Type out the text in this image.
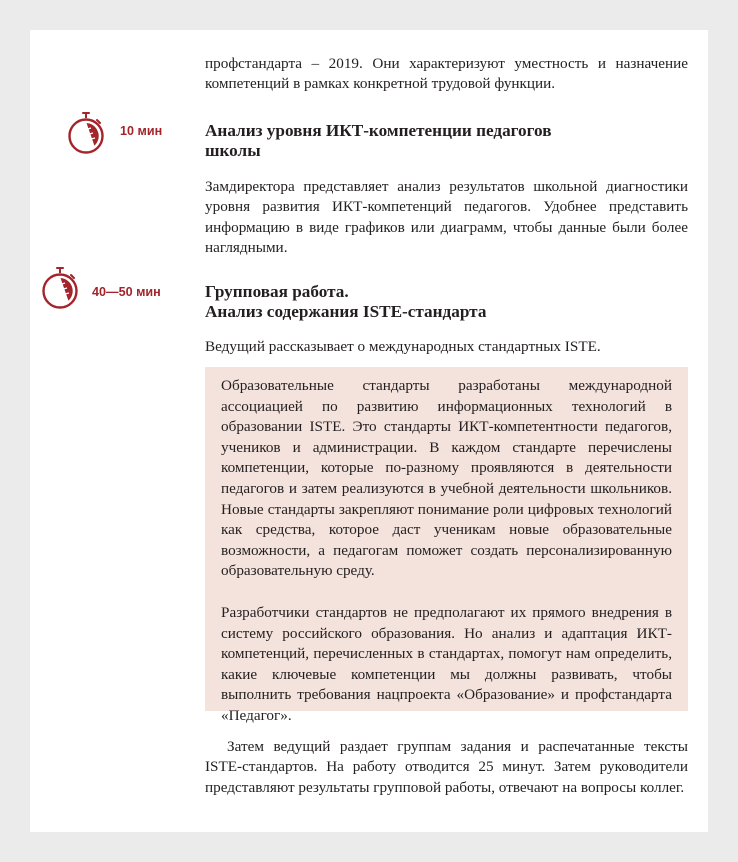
профстандарта – 2019. Они характеризуют уместность и назначение компетенций в рамках конкретной трудовой функции.

10 мин Анализ уровня ИКТ-компетенции педагогов
школы

Замдиректора представляет анализ результатов школьной диагностики уровня развития ИКТ-компетенций педагогов. Удобнее представить информацию в виде графиков или диаграмм, чтобы данные были более наглядными.

40—50 мин	Групповая работа.
Анализ содержания ISTE-стандарта

Ведущий рассказывает о международных стандартных ISTE.

Образовательные стандарты разработаны международной ассоциацией по развитию информационных технологий в образовании ISTE. Это стандарты ИКТ-компетентности педагогов, учеников и администрации. В каждом стандарте перечислены компетенции, которые по-разному проявляются в деятельности педагогов и затем реализуются в учебной деятельности школьников. Новые стандарты закрепляют понимание роли цифровых технологий как средства, которое даст ученикам новые образовательные возможности, а педагогам поможет создать персонализированную образовательную среду.

Разработчики стандартов не предполагают их прямого внедрения в систему российского образования. Но анализ и адаптация ИКТ-компетенций, перечисленных в стандартах, помогут нам определить, какие ключевые компетенции мы должны развивать, чтобы выполнить требования нацпроекта «Образование» и профстандарта «Педагог».

Затем ведущий раздает группам задания и распечатанные тексты ISTE-стандартов. На работу отводится 25 минут. Затем руководители представляют результаты групповой работы, отвечают на вопросы коллег.
